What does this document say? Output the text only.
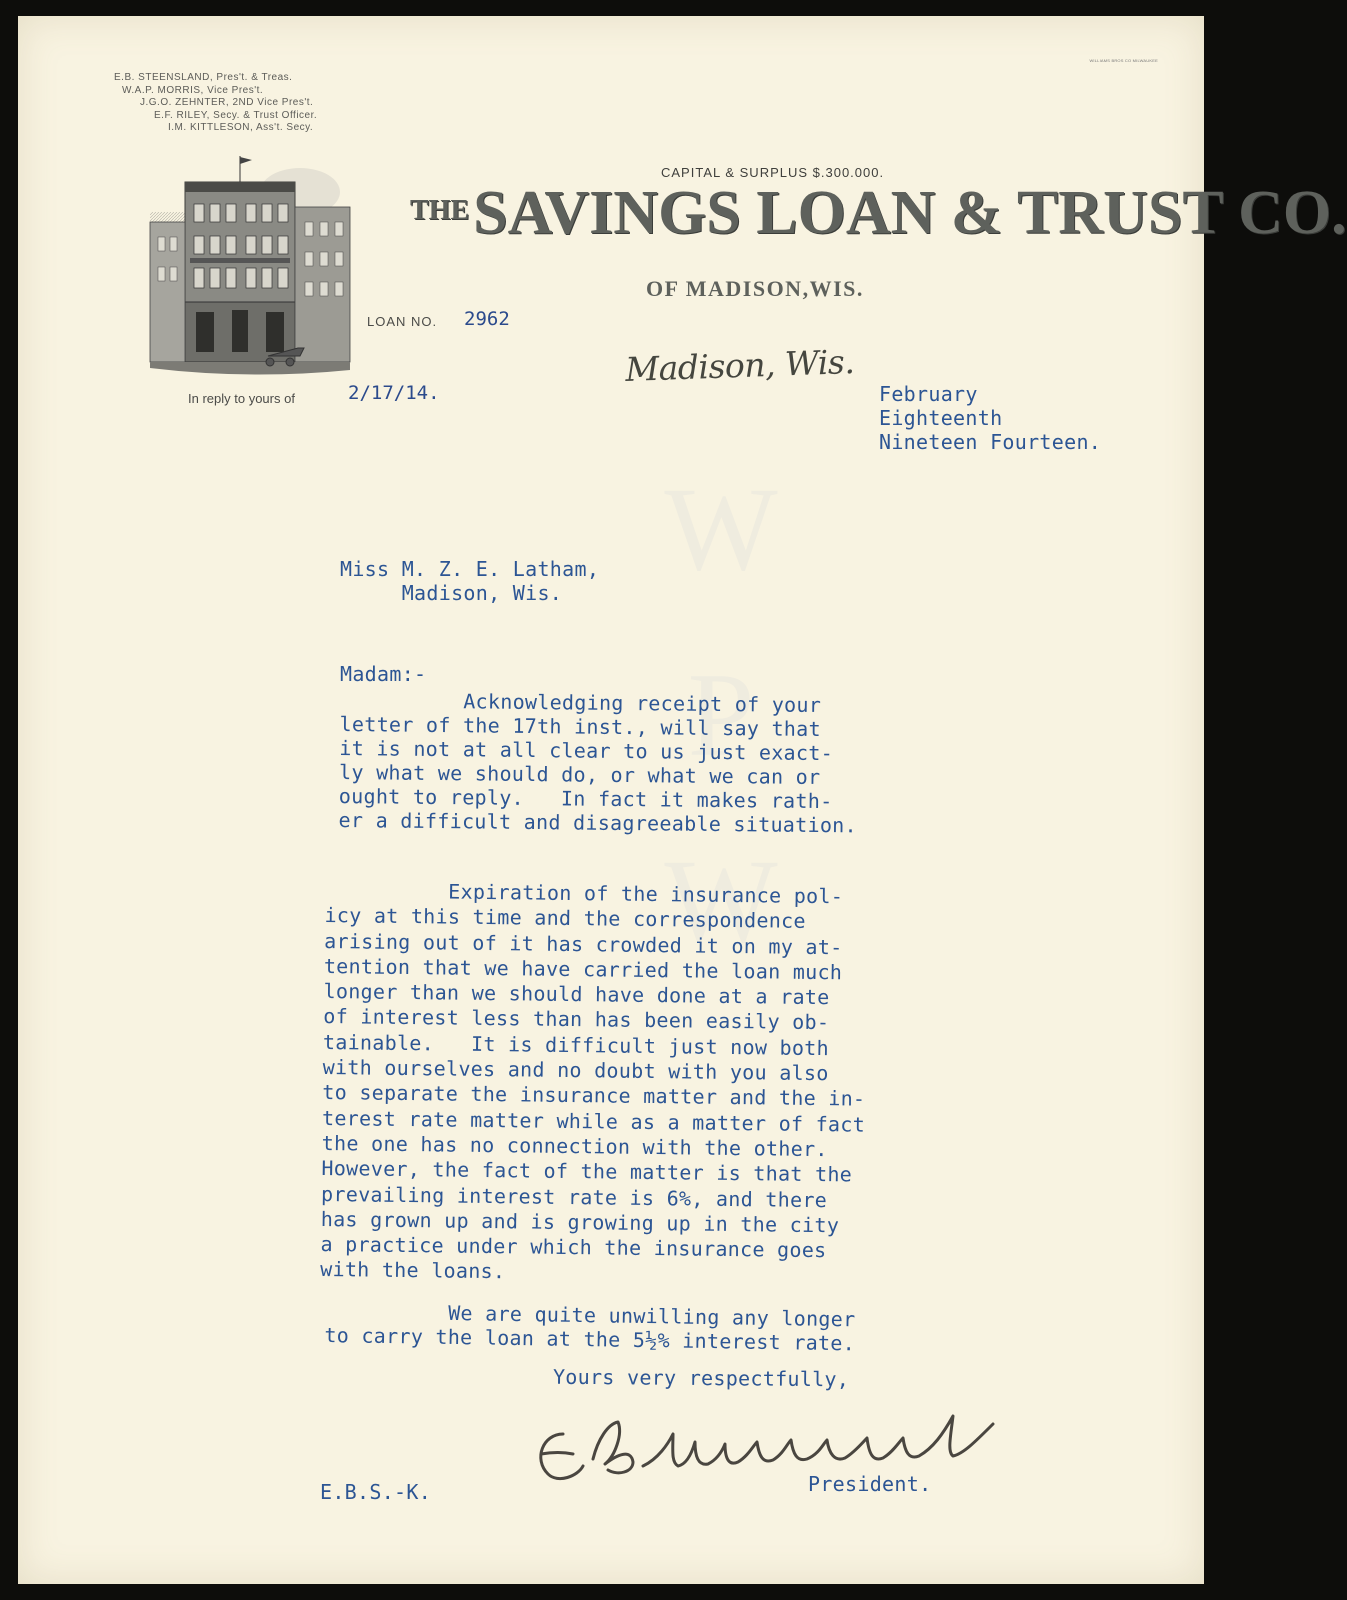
W
P
W
E.B. STEENSLAND, Pres't. & Treas.
W.A.P. MORRIS, Vice Pres't.
J.G.O. ZEHNTER, 2ND Vice Pres't.
E.F. RILEY, Secy. & Trust Officer.
I.M. KITTLESON, Ass't. Secy.
WILLIAMS BROS CO MILWAUKEE
CAPITAL & SURPLUS $.300.000.
$^{THE}$SAVINGS LOAN & TRUST CO.
OF MADISON,WIS.
LOAN NO. 2962
In reply to yours of	2/17/14.
Madison, Wis.
February
Eighteenth
Nineteen Fourteen.
Miss M. Z. E. Latham,
Madison, Wis.
Madam:-
Acknowledging receipt of your
letter of the 17th inst., will say that
it is not at all clear to us just exact-
ly what we should do, or what we can or
ought to reply.   In fact it makes rath-
er a difficult and disagreeable situation.
Expiration of the insurance pol-
icy at this time and the correspondence
arising out of it has crowded it on my at-
tention that we have carried the loan much
longer than we should have done at a rate
of interest less than has been easily ob-
tainable.   It is difficult just now both
with ourselves and no doubt with you also
to separate the insurance matter and the in-
terest rate matter while as a matter of fact
the one has no connection with the other.
However, the fact of the matter is that the
prevailing interest rate is 6%, and there
has grown up and is growing up in the city
a practice under which the insurance goes
with the loans.
We are quite unwilling any longer
to carry the loan at the 5½% interest rate.
Yours very respectfully,
E.B.S.-K.	President.
